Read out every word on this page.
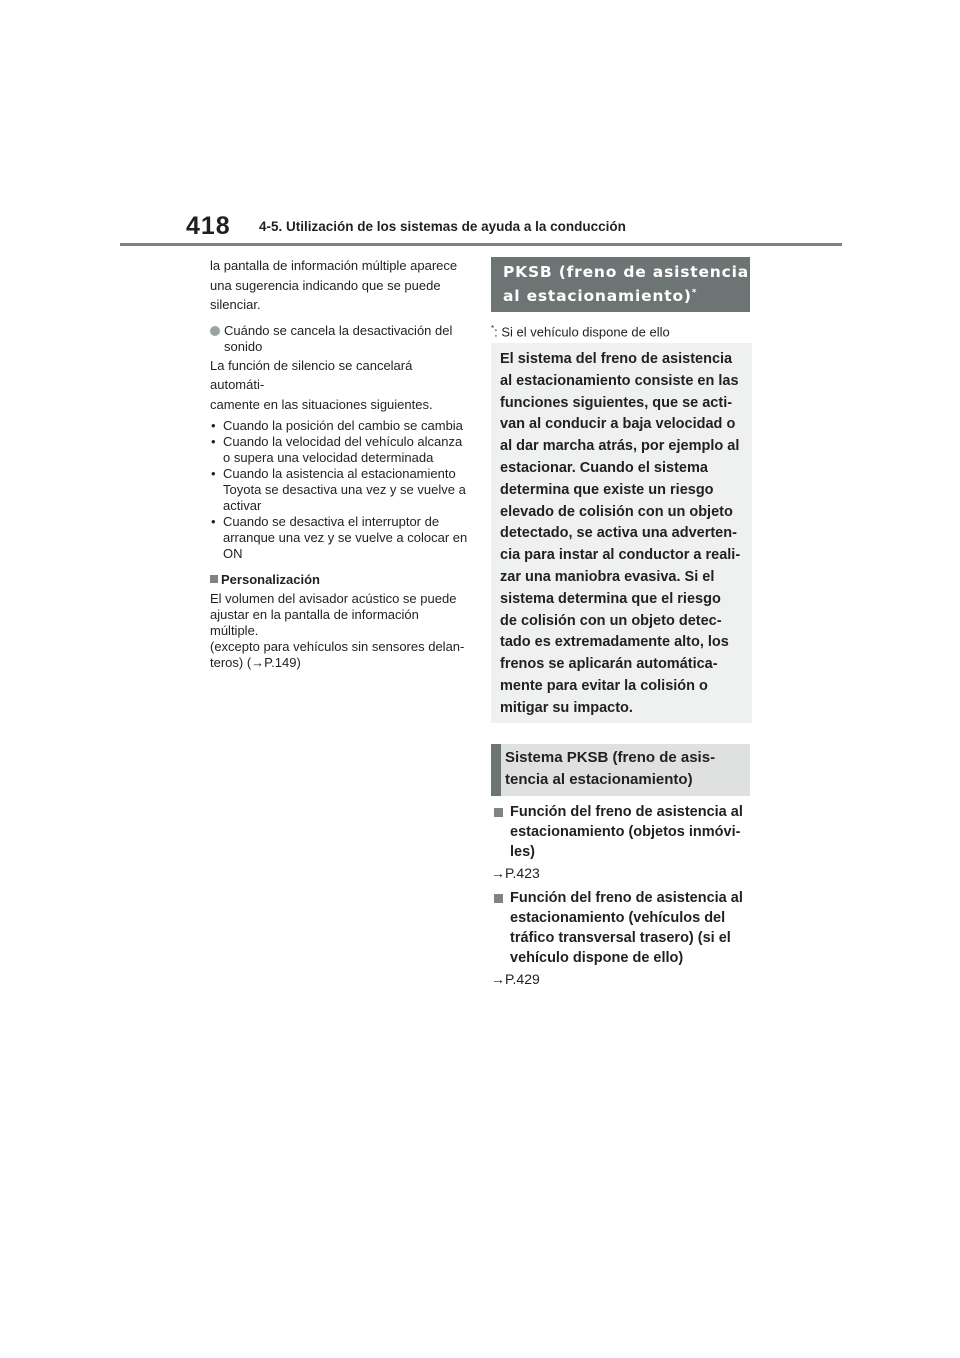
418 4-5. Utilización de los sistemas de ayuda a la conducción

la pantalla de información múltiple aparece
una sugerencia indicando que se puede
silenciar.

Cuándo se cancela la desactivación del
sonido

La función de silencio se cancelará automáti-
camente en las situaciones siguientes.

• Cuando la posición del cambio se cambia
• Cuando la velocidad del vehículo alcanza
o supera una velocidad determinada
• Cuando la asistencia al estacionamiento
Toyota se desactiva una vez y se vuelve a
activar
• Cuando se desactiva el interruptor de
arranque una vez y se vuelve a colocar en
ON
Personalización

El volumen del avisador acústico se puede
ajustar en la pantalla de información múltiple.
(excepto para vehículos sin sensores delan-
teros) (→P.149)

PKSB (freno de asistencia
al estacionamiento)*
*: Si el vehículo dispone de ello
El sistema del freno de asistencia
al estacionamiento consiste en las
funciones siguientes, que se acti-
van al conducir a baja velocidad o
al dar marcha atrás, por ejemplo al
estacionar. Cuando el sistema
determina que existe un riesgo
elevado de colisión con un objeto
detectado, se activa una adverten-
cia para instar al conductor a reali-
zar una maniobra evasiva. Si el
sistema determina que el riesgo
de colisión con un objeto detec-
tado es extremadamente alto, los
frenos se aplicarán automática-
mente para evitar la colisión o
mitigar su impacto.
Sistema PKSB (freno de asis-
tencia al estacionamiento)
Función del freno de asistencia al
estacionamiento (objetos inmóvi-
les)
→P.423
Función del freno de asistencia al
estacionamiento (vehículos del
tráfico transversal trasero) (si el
vehículo dispone de ello)
→P.429
